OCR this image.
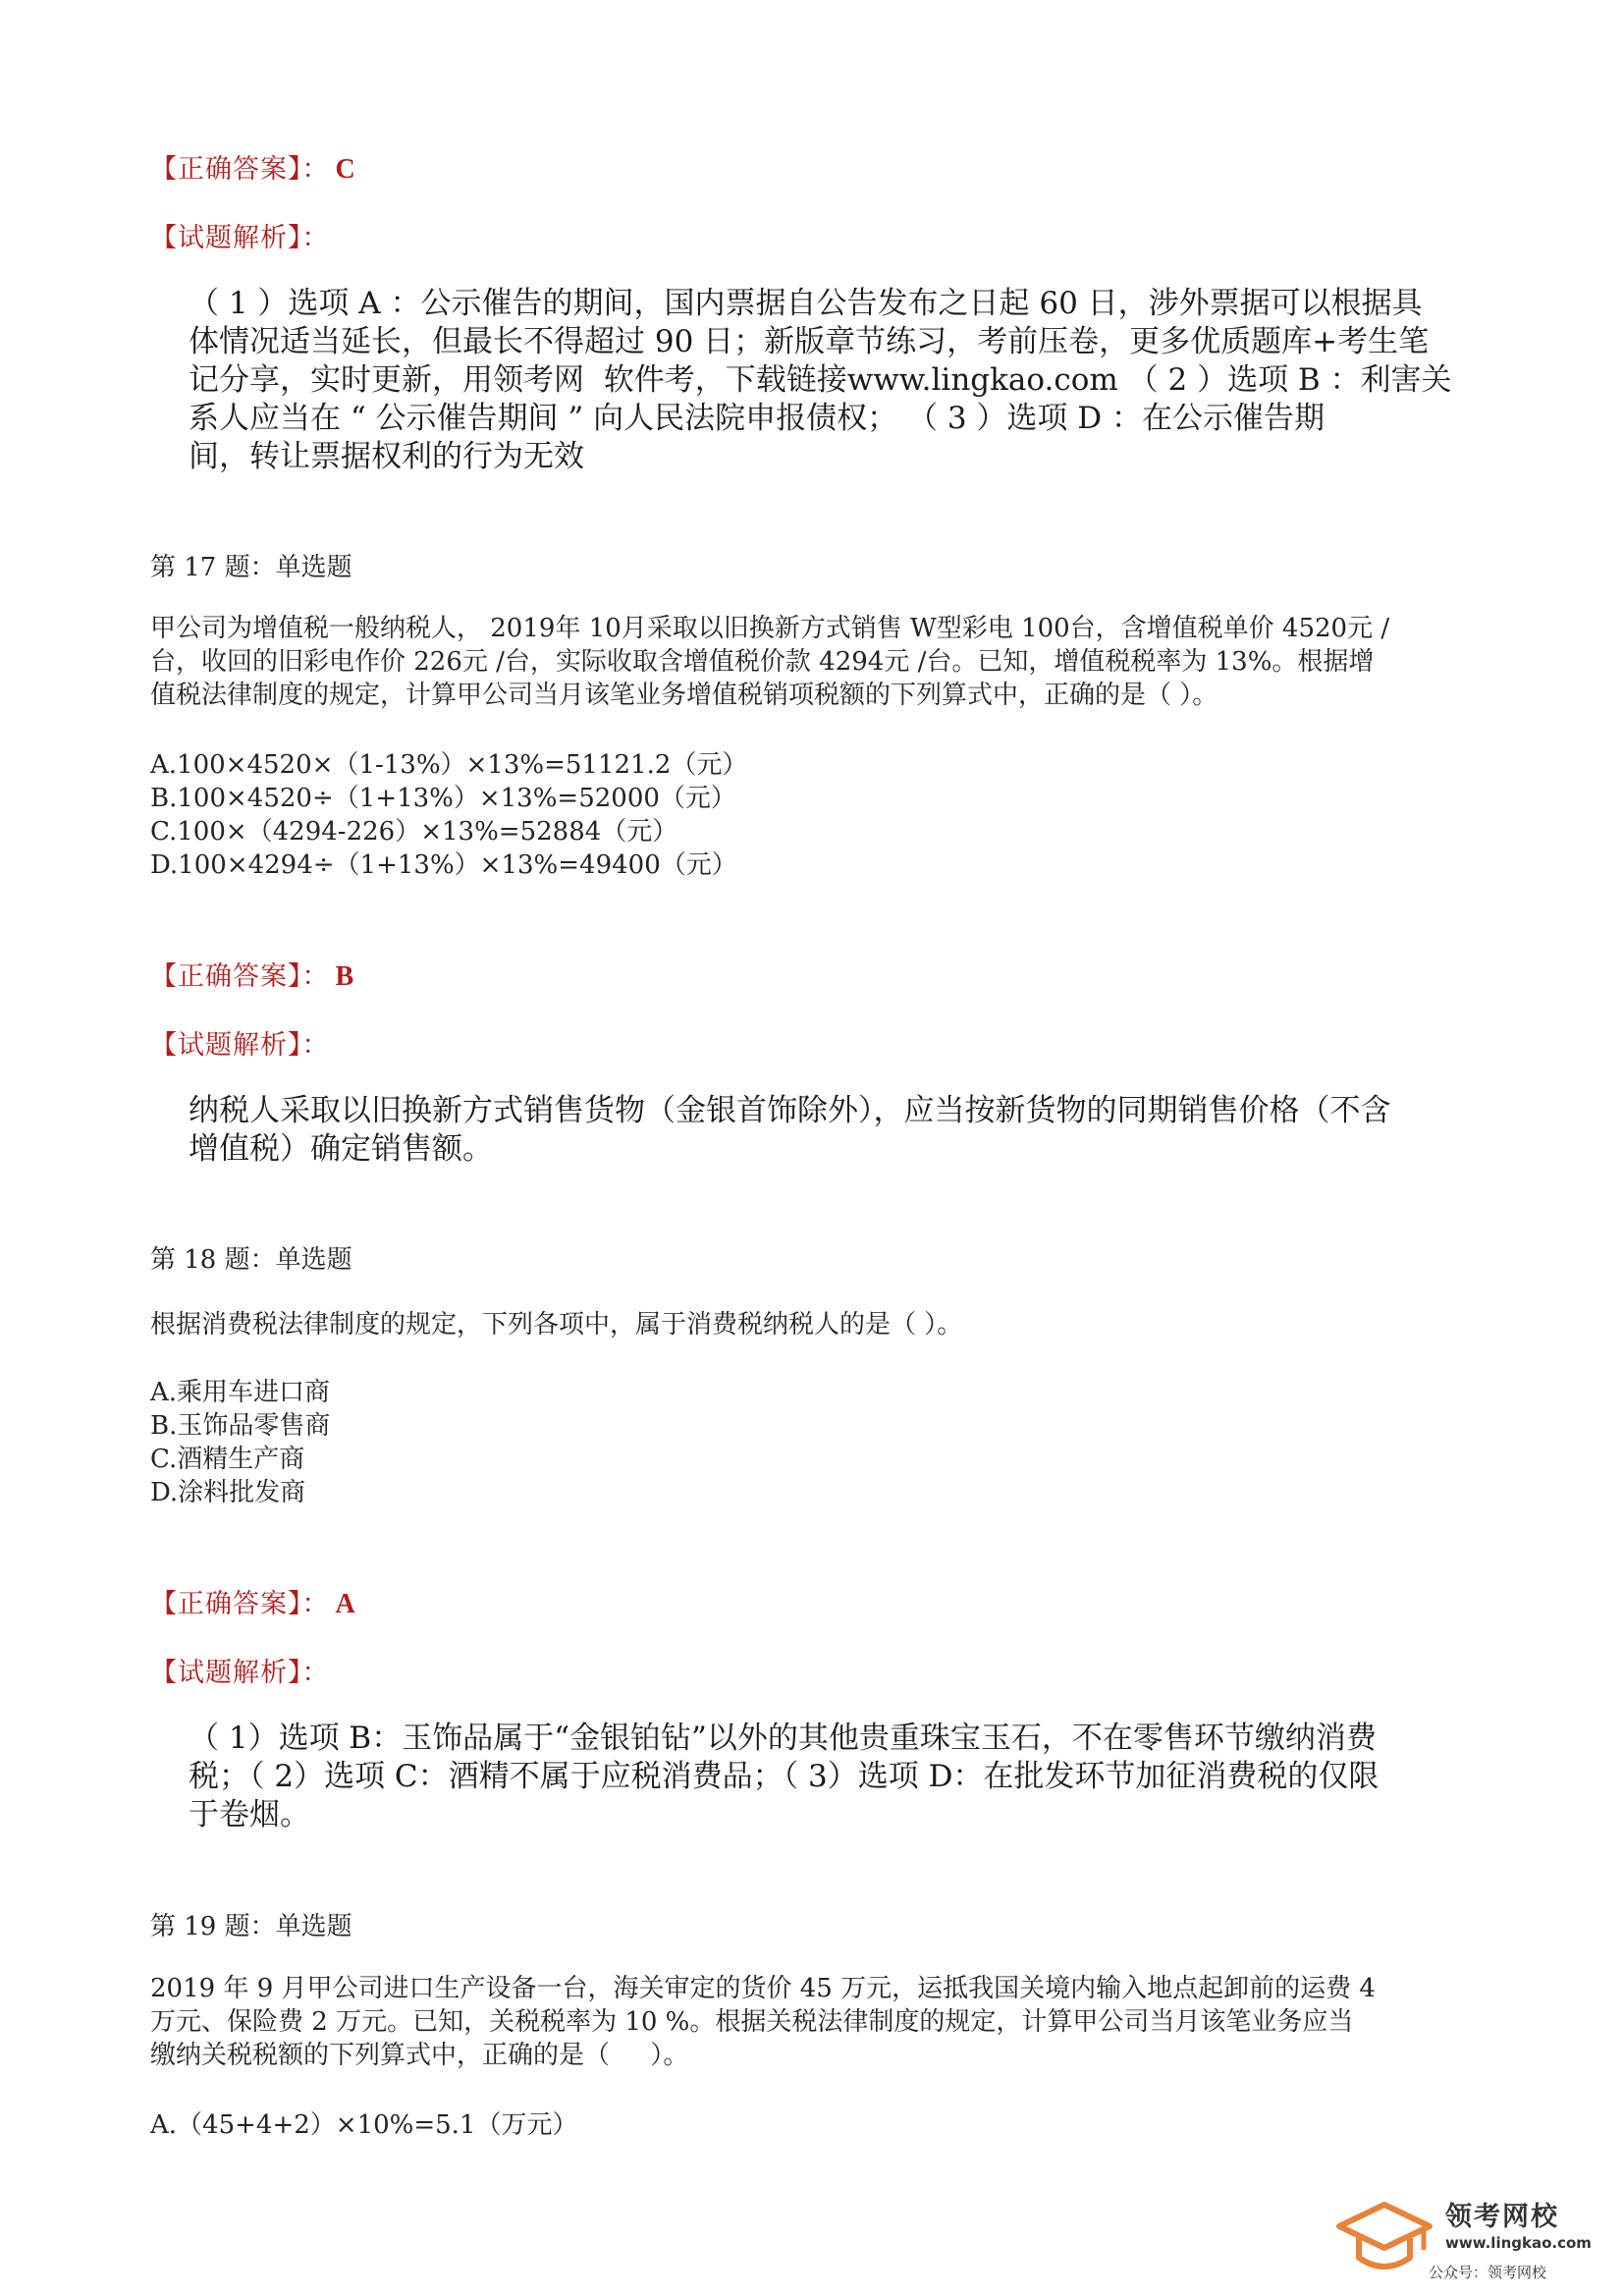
【正确答案】： C
【试题解析】：

（ 1 ）选项 A ：公示催告的期间，国内票据自公告发布之日起 60 日，涉外票据可以根据具

体情况适当延长，但最长不得超过 90 日；新版章节练习，考前压卷，更多优质题库+考生笔

记分享，实时更新，用领考网  软件考，下载链接www.lingkao.com （ 2 ）选项 B ：利害关

系人应当在 “ 公示催告期间 ” 向人民法院申报债权； （ 3 ）选项 D ：在公示催告期

间，转让票据权利的行为无效

第 17 题：单选题

甲公司为增值税一般纳税人， 2019年 10月采取以旧换新方式销售 W型彩电 100台，含增值税单价 4520元 /

台，收回的旧彩电作价 226元 /台，实际收取含增值税价款 4294元 /台。已知，增值税税率为 13%。根据增

值税法律制度的规定，计算甲公司当月该笔业务增值税销项税额的下列算式中，正确的是（ ）。

A.100×4520×（1-13%）×13%=51121.2（元）
B.100×4520÷（1+13%）×13%=52000（元）
C.100×（4294-226）×13%=52884（元）
D.100×4294÷（1+13%）×13%=49400（元）
【正确答案】： B
【试题解析】：

纳税人采取以旧换新方式销售货物（金银首饰除外），应当按新货物的同期销售价格（不含

增值税）确定销售额。

第 18 题：单选题

根据消费税法律制度的规定，下列各项中，属于消费税纳税人的是（ ）。

A.乘用车进口商
B.玉饰品零售商
C.酒精生产商
D.涂料批发商
【正确答案】： A
【试题解析】：

（ 1）选项 B：玉饰品属于“金银铂钻”以外的其他贵重珠宝玉石，不在零售环节缴纳消费

税；（ 2）选项 C：酒精不属于应税消费品；（ 3）选项 D：在批发环节加征消费税的仅限

于卷烟。

第 19 题：单选题

2019 年 9 月甲公司进口生产设备一台，海关审定的货价 45 万元，运抵我国关境内输入地点起卸前的运费 4

万元、保险费 2 万元。已知，关税税率为 10 %。根据关税法律制度的规定，计算甲公司当月该笔业务应当

缴纳关税税额的下列算式中，正确的是（     ）。

A.（45+4+2）×10%=5.1（万元）
领考网校
www.lingkao.com
公众号：领考网校
